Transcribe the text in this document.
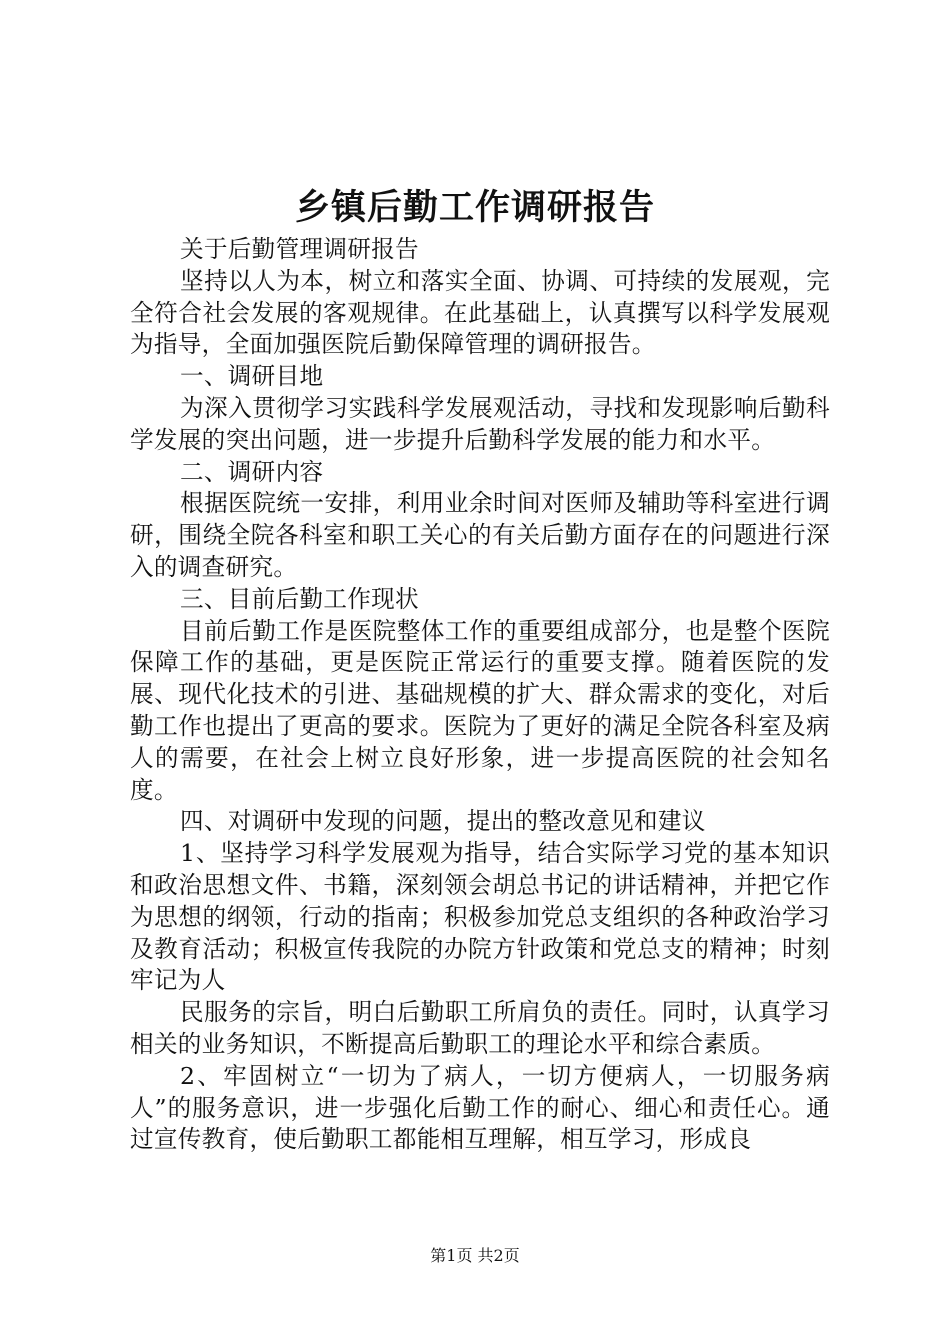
乡镇后勤工作调研报告

关于后勤管理调研报告

坚持以人为本，树立和落实全面、协调、可持续的发展观，完全符合社会发展的客观规律。在此基础上，认真撰写以科学发展观为指导，全面加强医院后勤保障管理的调研报告。

一、调研目地

为深入贯彻学习实践科学发展观活动，寻找和发现影响后勤科学发展的突出问题，进一步提升后勤科学发展的能力和水平。

二、调研内容

根据医院统一安排，利用业余时间对医师及辅助等科室进行调研，围绕全院各科室和职工关心的有关后勤方面存在的问题进行深入的调查研究。

三、目前后勤工作现状

目前后勤工作是医院整体工作的重要组成部分，也是整个医院保障工作的基础，更是医院正常运行的重要支撑。随着医院的发展、现代化技术的引进、基础规模的扩大、群众需求的变化，对后勤工作也提出了更高的要求。医院为了更好的满足全院各科室及病人的需要，在社会上树立良好形象，进一步提高医院的社会知名度。

四、对调研中发现的问题，提出的整改意见和建议

1、坚持学习科学发展观为指导，结合实际学习党的基本知识和政治思想文件、书籍，深刻领会胡总书记的讲话精神，并把它作为思想的纲领，行动的指南；积极参加党总支组织的各种政治学习及教育活动；积极宣传我院的办院方针政策和党总支的精神；时刻牢记为人

民服务的宗旨，明白后勤职工所肩负的责任。同时，认真学习相关的业务知识，不断提高后勤职工的理论水平和综合素质。

2、牢固树立“一切为了病人，一切方便病人，一切服务病人”的服务意识，进一步强化后勤工作的耐心、细心和责任心。通过宣传教育，使后勤职工都能相互理解，相互学习，形成良

第1页 共2页
